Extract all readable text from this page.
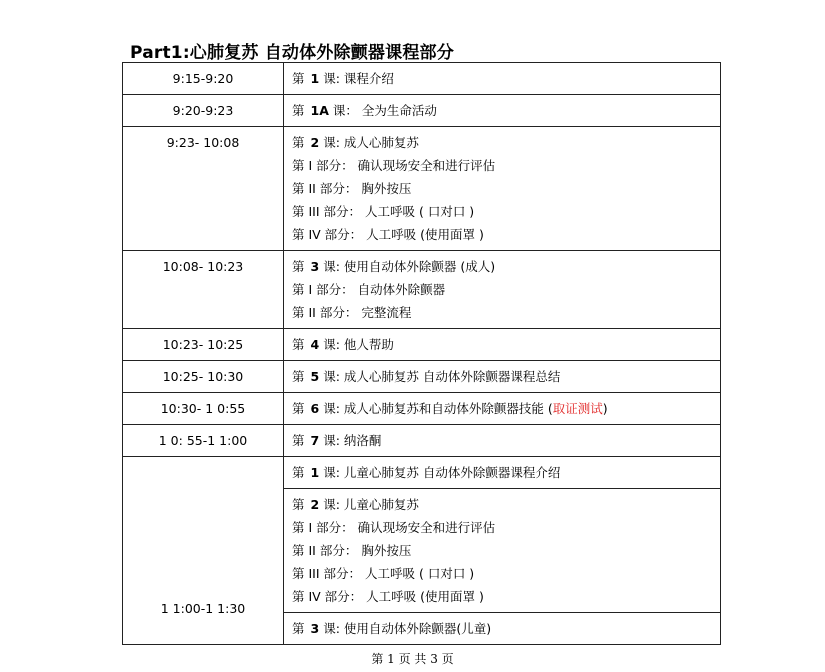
Part1:心肺复苏 自动体外除颤器课程部分
9:15-9:20	第 1 课: 课程介绍

9:20-9:23	第 1A 课： 全为生命活动

9:23- 10:08	第 2 课: 成人心肺复苏
第 I 部分： 确认现场安全和进行评估
第 II 部分： 胸外按压
第 III 部分： 人工呼吸 ( 口对口 )
第 IV 部分： 人工呼吸 (使用面罩 )

10:08- 10:23	第 3 课: 使用自动体外除颤器 (成人)
第 I 部分： 自动体外除颤器
第 II 部分： 完整流程

10:23- 10:25	第 4 课: 他人帮助

10:25- 10:30	第 5 课: 成人心肺复苏 自动体外除颤器课程总结

10:30- 1 0:55	第 6 课: 成人心肺复苏和自动体外除颤器技能 (取证测试)

1 0: 55-1 1:00	第 7 课: 纳洛酮

1 1:00-1 1:30	第 1 课: 儿童心肺复苏 自动体外除颤器课程介绍

	第 2 课: 儿童心肺复苏
第 I 部分： 确认现场安全和进行评估
第 II 部分： 胸外按压
第 III 部分： 人工呼吸 ( 口对口 )
第 IV 部分： 人工呼吸 (使用面罩 )

	第 3 课: 使用自动体外除颤器(儿童)
第 1 页 共 3 页
